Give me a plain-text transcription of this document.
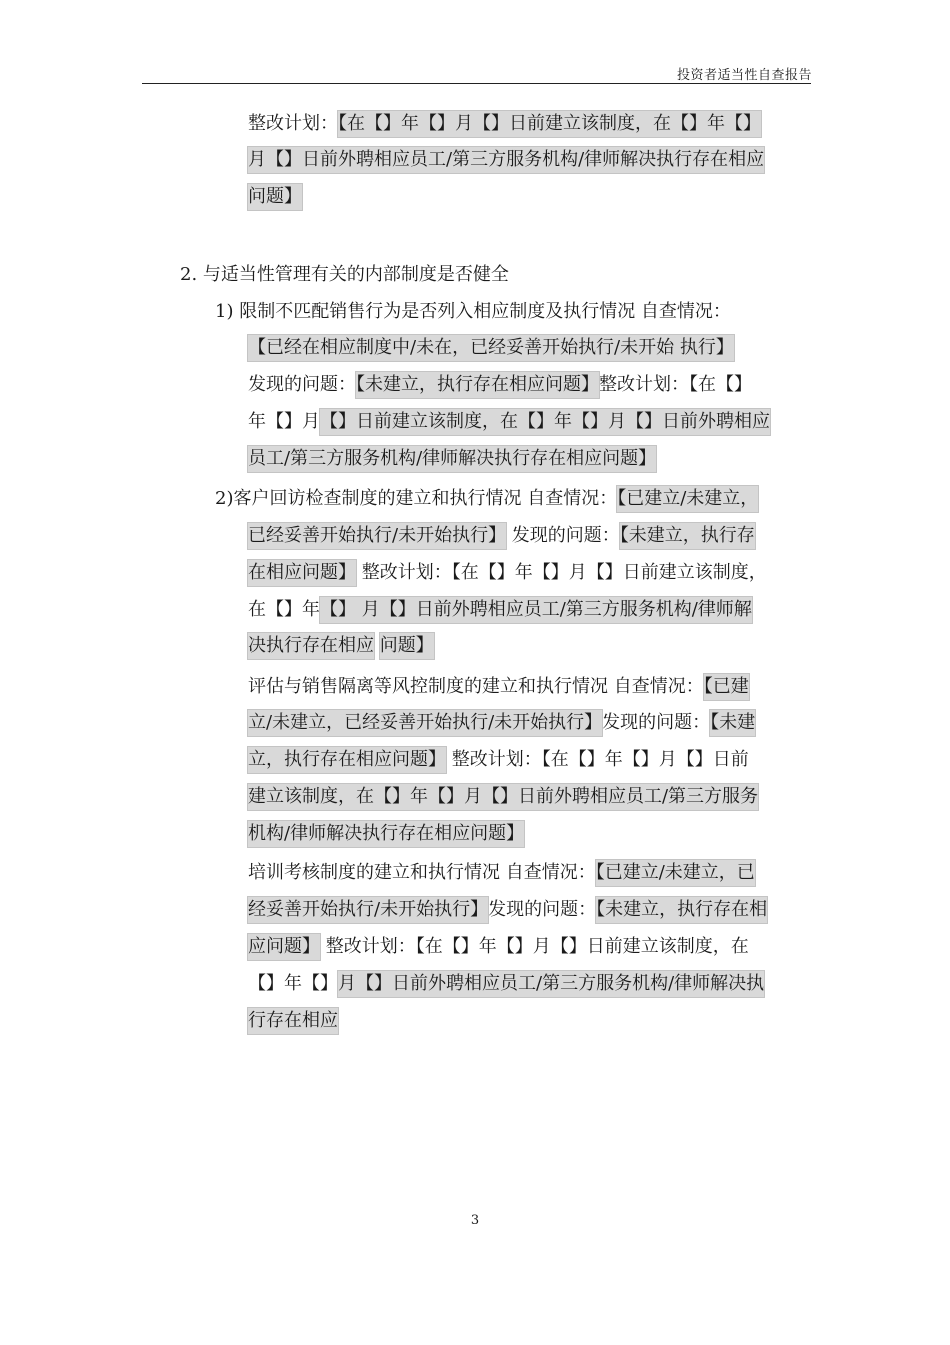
投资者适当性自查报告
整改计划：【在【】年【】月【】日前建立该制度，在【】年【】
月【】日前外聘相应员工/第三方服务机构/律师解决执行存在相应
问题】
2. 与适当性管理有关的内部制度是否健全
1) 限制不匹配销售行为是否列入相应制度及执行情况 自查情况：
【已经在相应制度中/未在，已经妥善开始执行/未开始 执行】
发现的问题：【未建立，执行存在相应问题】整改计划：【在【】
年【】月【】日前建立该制度，在【】年【】月【】日前外聘相应
员工/第三方服务机构/律师解决执行存在相应问题】
2)客户回访检查制度的建立和执行情况 自查情况：【已建立/未建立，
已经妥善开始执行/未开始执行】 发现的问题：【未建立，执行存
在相应问题】 整改计划：【在【】年【】月【】日前建立该制度，
在【】年【】 月【】日前外聘相应员工/第三方服务机构/律师解
决执行存在相应 问题】
评估与销售隔离等风控制度的建立和执行情况 自查情况：【已建
立/未建立，已经妥善开始执行/未开始执行】发现的问题：【未建
立，执行存在相应问题】 整改计划：【在【】年【】月【】日前
建立该制度，在【】年【】月【】日前外聘相应员工/第三方服务
机构/律师解决执行存在相应问题】
培训考核制度的建立和执行情况 自查情况：【已建立/未建立，已
经妥善开始执行/未开始执行】发现的问题：【未建立，执行存在相
应问题】 整改计划：【在【】年【】月【】日前建立该制度，在
【】年【】月【】日前外聘相应员工/第三方服务机构/律师解决执
行存在相应
3
